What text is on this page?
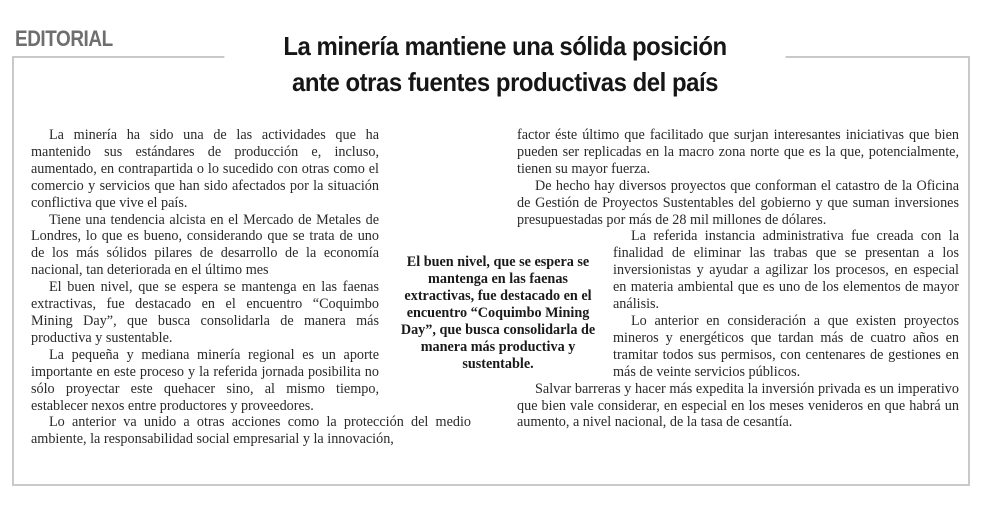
EDITORIAL	La minería mantiene una sólida posición
ante otras fuentes productivas del país

La minería ha sido una de las actividades que ha mantenido sus estándares de producción e, incluso, aumentado, en contrapartida o lo sucedido con otras como el comercio y servicios que han sido afectados por la situación conflictiva que vive el país.

Tiene una tendencia alcista en el Mercado de Metales de Londres, lo que es bueno, considerando que se trata de uno de los más sólidos pilares de desarrollo de la economía nacional, tan deteriorada en el último mes

El buen nivel, que se espera se mantenga en las faenas extractivas, fue destacado en el encuentro “Coquimbo Mining Day”, que busca consolidarla de manera más productiva y sustentable.

La pequeña y mediana minería regional es un aporte importante en este proceso y la referida jornada posibilita no sólo proyectar este quehacer sino, al mismo tiempo, establecer nexos entre productores y proveedores.

Lo anterior va unido a otras acciones como la protección del medio ambiente, la responsabilidad social empresarial y la innovación,

factor éste último que facilitado que surjan interesantes iniciativas que bien pueden ser replicadas en la macro zona norte que es la que, potencialmente, tienen su mayor fuerza.

De hecho hay diversos proyectos que conforman el catastro de la Oficina de Gestión de Proyectos Sustentables del gobierno y que suman inversiones presupuestadas por más de 28 mil millones de dólares.

La referida instancia administrativa fue creada con la finalidad de eliminar las trabas que se presentan a los inversionistas y ayudar a agilizar los procesos, en especial en materia ambiental que es uno de los elementos de mayor análisis.

Lo anterior en consideración a que existen proyectos mineros y energéticos que tardan más de cuatro años en tramitar todos sus permisos, con centenares de gestiones en más de veinte servicios públicos.

Salvar barreras y hacer más expedita la inversión privada es un imperativo que bien vale considerar, en especial en los meses venideros en que habrá un aumento, a nivel nacional, de la tasa de cesantía.

El buen nivel, que se espera se mantenga en las faenas extractivas, fue destacado en el encuentro “Coquimbo Mining Day”, que busca consolidarla de manera más productiva y sustentable.
